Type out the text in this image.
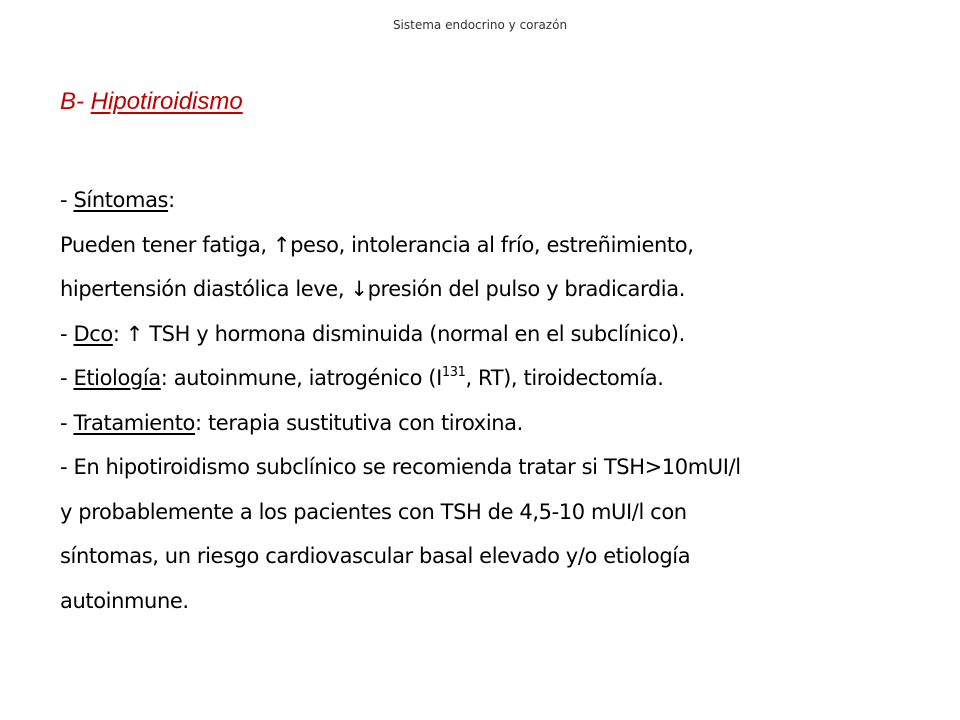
Sistema endocrino y corazón
B- Hipotiroidismo
- Síntomas:
Pueden tener fatiga, ↑peso, intolerancia al frío, estreñimiento,
hipertensión diastólica leve, ↓presión del pulso y bradicardia.
- Dco: ↑ TSH y hormona disminuida (normal en el subclínico).
- Etiología: autoinmune, iatrogénico ($I^{131}$, RT), tiroidectomía.
- Tratamiento: terapia sustitutiva con tiroxina.
- En hipotiroidismo subclínico se recomienda tratar si TSH>10mUI/l
y probablemente a los pacientes con TSH de 4,5-10 mUI/l con
síntomas, un riesgo cardiovascular basal elevado y/o etiología
autoinmune.
